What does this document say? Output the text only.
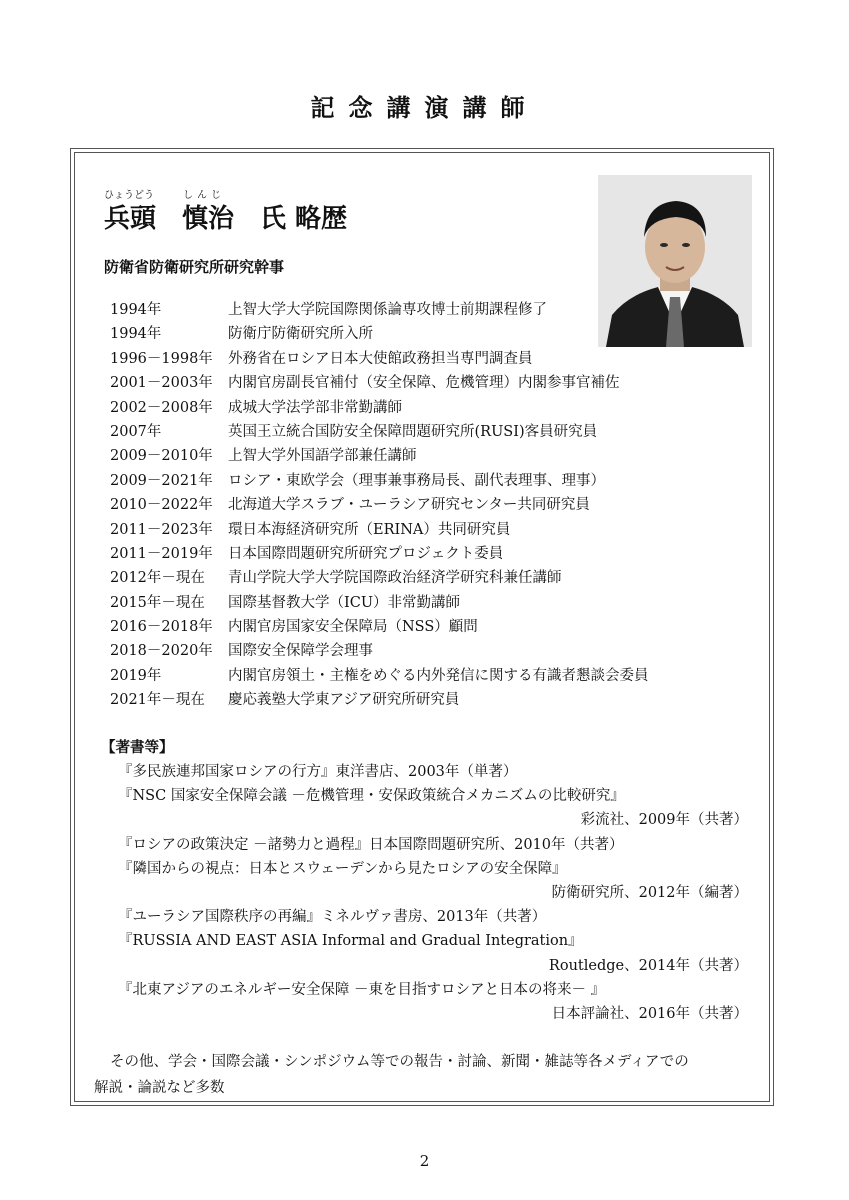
記念講演講師
ひょうどう	しんじ
兵頭　慎治　氏 略歴
防衛省防衛研究所研究幹事
1994年	上智大学大学院国際関係論専攻博士前期課程修了
1994年	防衛庁防衛研究所入所
1996－1998年 外務省在ロシア日本大使館政務担当専門調査員
2001－2003年 内閣官房副長官補付（安全保障、危機管理）内閣参事官補佐
2002－2008年 成城大学法学部非常勤講師
2007年	英国王立統合国防安全保障問題研究所(RUSI)客員研究員
2009－2010年 上智大学外国語学部兼任講師
2009－2021年 ロシア・東欧学会（理事兼事務局長、副代表理事、理事）
2010－2022年 北海道大学スラブ・ユーラシア研究センター共同研究員
2011－2023年 環日本海経済研究所（ERINA）共同研究員
2011－2019年 日本国際問題研究所研究プロジェクト委員
2012年－現在 青山学院大学大学院国際政治経済学研究科兼任講師
2015年－現在 国際基督教大学（ICU）非常勤講師
2016－2018年 内閣官房国家安全保障局（NSS）顧問
2018－2020年 国際安全保障学会理事
2019年	内閣官房領土・主権をめぐる内外発信に関する有識者懇談会委員
2021年－現在 慶応義塾大学東アジア研究所研究員
【著書等】
『多民族連邦国家ロシアの行方』東洋書店、2003年（単著）
『NSC 国家安全保障会議 －危機管理・安保政策統合メカニズムの比較研究』
彩流社、2009年（共著）
『ロシアの政策決定 －諸勢力と過程』日本国際問題研究所、2010年（共著）
『隣国からの視点：日本とスウェーデンから見たロシアの安全保障』
防衛研究所、2012年（編著）
『ユーラシア国際秩序の再編』ミネルヴァ書房、2013年（共著）
『RUSSIA AND EAST ASIA Informal and Gradual Integration』
Routledge、2014年（共著）
『北東アジアのエネルギー安全保障 －東を目指すロシアと日本の将来－ 』
日本評論社、2016年（共著）
その他、学会・国際会議・シンポジウム等での報告・討論、新聞・雑誌等各メディアでの
解説・論説など多数
2
